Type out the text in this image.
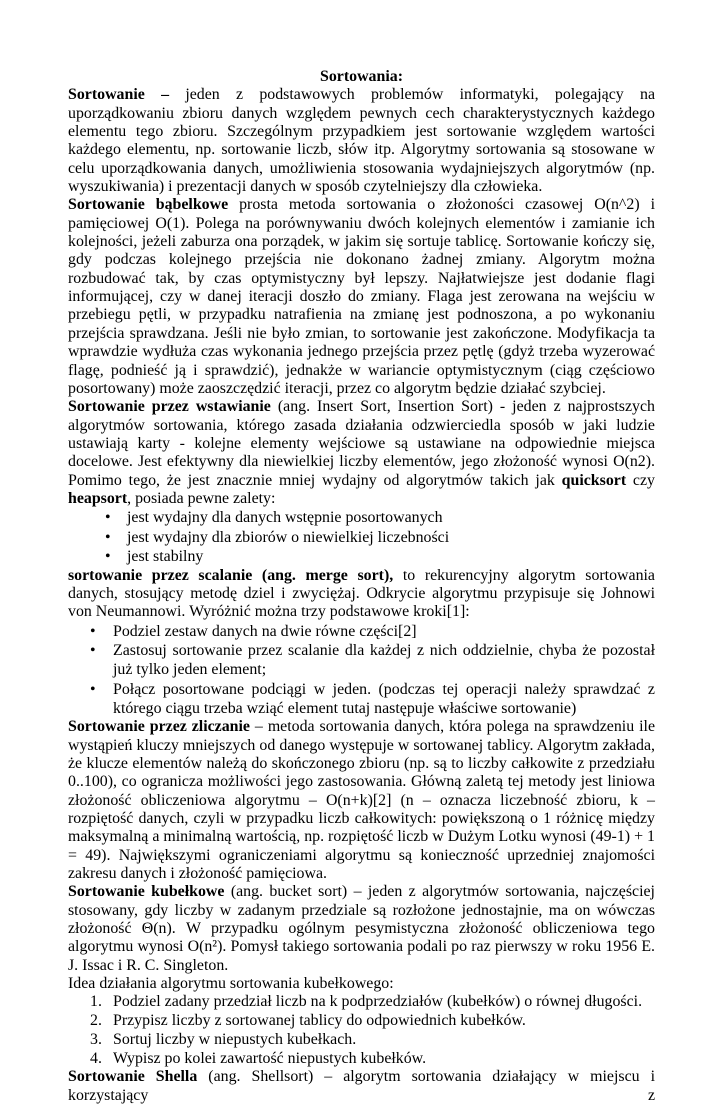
Sortowania:

Sortowanie – jeden z podstawowych problemów informatyki, polegający na uporządkowaniu zbioru danych względem pewnych cech charakterystycznych każdego elementu tego zbioru. Szczególnym przypadkiem jest sortowanie względem wartości każdego elementu, np. sortowanie liczb, słów itp. Algorytmy sortowania są stosowane w celu uporządkowania danych, umożliwienia stosowania wydajniejszych algorytmów (np. wyszukiwania) i prezentacji danych w sposób czytelniejszy dla człowieka.

Sortowanie bąbelkowe prosta metoda sortowania o złożoności czasowej O(n^2) i pamięciowej O(1). Polega na porównywaniu dwóch kolejnych elementów i zamianie ich kolejności, jeżeli zaburza ona porządek, w jakim się sortuje tablicę. Sortowanie kończy się, gdy podczas kolejnego przejścia nie dokonano żadnej zmiany. Algorytm można rozbudować tak, by czas optymistyczny był lepszy. Najłatwiejsze jest dodanie flagi informującej, czy w danej iteracji doszło do zmiany. Flaga jest zerowana na wejściu w przebiegu pętli, w przypadku natrafienia na zmianę jest podnoszona, a po wykonaniu przejścia sprawdzana. Jeśli nie było zmian, to sortowanie jest zakończone. Modyfikacja ta wprawdzie wydłuża czas wykonania jednego przejścia przez pętlę (gdyż trzeba wyzerować flagę, podnieść ją i sprawdzić), jednakże w wariancie optymistycznym (ciąg częściowo posortowany) może zaoszczędzić iteracji, przez co algorytm będzie działać szybciej.

Sortowanie przez wstawianie (ang. Insert Sort, Insertion Sort) - jeden z najprostszych algorytmów sortowania, którego zasada działania odzwierciedla sposób w jaki ludzie ustawiają karty - kolejne elementy wejściowe są ustawiane na odpowiednie miejsca docelowe. Jest efektywny dla niewielkiej liczby elementów, jego złożoność wynosi O(n2). Pomimo tego, że jest znacznie mniej wydajny od algorytmów takich jak quicksort czy heapsort, posiada pewne zalety:

• jest wydajny dla danych wstępnie posortowanych
• jest wydajny dla zbiorów o niewielkiej liczebności
• jest stabilny

sortowanie przez scalanie (ang. merge sort), to rekurencyjny algorytm sortowania danych, stosujący metodę dziel i zwyciężaj. Odkrycie algorytmu przypisuje się Johnowi von Neumannowi. Wyróżnić można trzy podstawowe kroki[1]:

• Podziel zestaw danych na dwie równe części[2]
• Zastosuj sortowanie przez scalanie dla każdej z nich oddzielnie, chyba że pozostał już tylko jeden element;
• Połącz posortowane podciągi w jeden. (podczas tej operacji należy sprawdzać z którego ciągu trzeba wziąć element tutaj następuje właściwe sortowanie)

Sortowanie przez zliczanie – metoda sortowania danych, która polega na sprawdzeniu ile wystąpień kluczy mniejszych od danego występuje w sortowanej tablicy. Algorytm zakłada, że klucze elementów należą do skończonego zbioru (np. są to liczby całkowite z przedziału 0..100), co ogranicza możliwości jego zastosowania. Główną zaletą tej metody jest liniowa złożoność obliczeniowa algorytmu – O(n+k)[2] (n – oznacza liczebność zbioru, k – rozpiętość danych, czyli w przypadku liczb całkowitych: powiększoną o 1 różnicę między maksymalną a minimalną wartością, np. rozpiętość liczb w Dużym Lotku wynosi (49-1) + 1 = 49). Największymi ograniczeniami algorytmu są konieczność uprzedniej znajomości zakresu danych i złożoność pamięciowa.

Sortowanie kubełkowe (ang. bucket sort) – jeden z algorytmów sortowania, najczęściej stosowany, gdy liczby w zadanym przedziale są rozłożone jednostajnie, ma on wówczas złożoność Θ(n). W przypadku ogólnym pesymistyczna złożoność obliczeniowa tego algorytmu wynosi O(n²). Pomysł takiego sortowania podali po raz pierwszy w roku 1956 E. J. Issac i R. C. Singleton.

Idea działania algorytmu sortowania kubełkowego:

1. Podziel zadany przedział liczb na k podprzedziałów (kubełków) o równej długości.
2. Przypisz liczby z sortowanej tablicy do odpowiednich kubełków.
3. Sortuj liczby w niepustych kubełkach.
4. Wypisz po kolei zawartość niepustych kubełków.

Sortowanie Shella (ang. Shellsort) – algorytm sortowania działający w miejscu i korzystający z
